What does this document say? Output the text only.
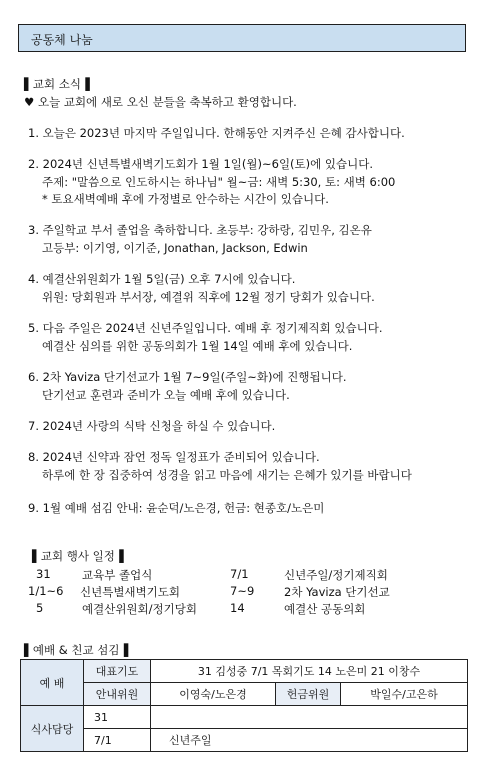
공동체 나눔
▌교회 소식▐
♥ 오늘 교회에 새로 오신 분들을 축복하고 환영합니다.
1. 오늘은 2023년 마지막 주일입니다. 한해동안 지켜주신 은혜 감사합니다.
2. 2024년 신년특별새벽기도회가 1월 1일(월)~6일(토)에 있습니다.
주제: "말씀으로 인도하시는 하나님" 월~금: 새벽 5:30, 토: 새벽 6:00
* 토요새벽예배 후에 가정별로 안수하는 시간이 있습니다.
3. 주일학교 부서 졸업을 축하합니다. 초등부: 강하랑, 김민우, 김온유
고등부: 이기영, 이기준, Jonathan, Jackson, Edwin
4. 예결산위원회가 1월 5일(금) 오후 7시에 있습니다.
위원: 당회원과 부서장, 예결위 직후에 12월 정기 당회가 있습니다.
5. 다음 주일은 2024년 신년주일입니다. 예배 후 정기제직회 있습니다.
예결산 심의를 위한 공동의회가 1월 14일 예배 후에 있습니다.
6. 2차 Yaviza 단기선교가 1월 7~9일(주일~화)에 진행됩니다.
단기선교 훈련과 준비가 오늘 예배 후에 있습니다.
7. 2024년 사랑의 식탁 신청을 하실 수 있습니다.
8. 2024년 신약과 잠언 정독 일정표가 준비되어 있습니다.
하루에 한 장 집중하여 성경을 읽고 마음에 새기는 은혜가 있기를 바랍니다
9. 1월 예배 섬김 안내: 윤순덕/노은경, 헌금: 현종호/노은미
▌교회 행사 일정▐
31	교육부 졸업식	7/1	신년주일/정기제직회
1/1~6 신년특별새벽기도회	7~9	2차 Yaviza 단기선교
5	예결산위원회/정기당회	14	예결산 공동의회
▌예배 & 친교 섬김▐
예 배	대표기도	31 김성중 7/1 목회기도 14 노은미 21 이창수		
	안내위원	이영숙/노은경	헌금위원	박일수/고은하
식사담당	31			
	7/1	신년주일		
